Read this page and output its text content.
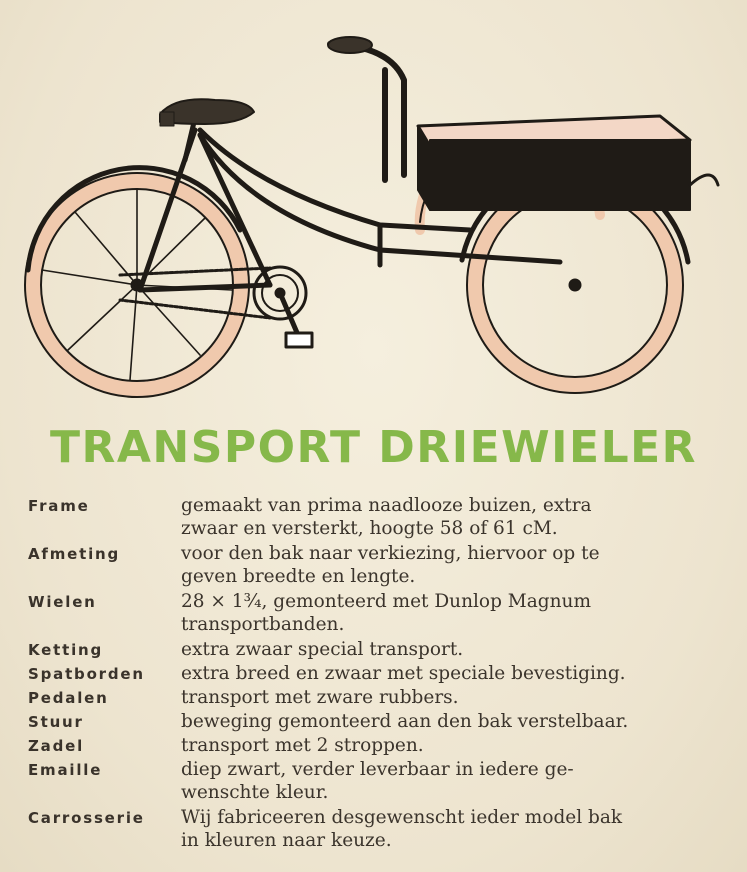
TRANSPORT DRIEWIELER
Frame	gemaakt van prima naadlooze buizen, extra
zwaar en versterkt, hoogte 58 of 61 cM.
Afmeting	voor den bak naar verkiezing, hiervoor op te
geven breedte en lengte.
Wielen	28 × 1¾, gemonteerd met Dunlop Magnum
transportbanden.
Ketting	extra zwaar special transport.
Spatborden	extra breed en zwaar met speciale bevestiging.
Pedalen	transport met zware rubbers.
Stuur	beweging gemonteerd aan den bak verstelbaar.
Zadel	transport met 2 stroppen.
Emaille	diep zwart, verder leverbaar in iedere ge-
wenschte kleur.
Carrosserie	Wij fabriceeren desgewenscht ieder model bak
in kleuren naar keuze.
